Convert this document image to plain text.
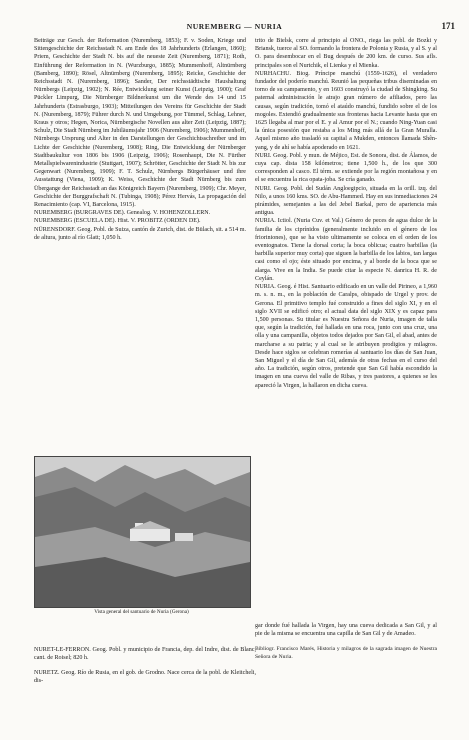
NUREMBERG — NURIA	171

Beiträge zur Gesch. der Reformation (Nuremberg, 1853); F. v. Soden, Kriege und Sittengeschichte der Reichsstadt N. am Ende des 18 Jahrhunderts (Erlangen, 1860); Priem, Geschichte der Stadt N. bis auf die neueste Zeit (Nuremberg, 1871); Roth, Einführung der Reformation in N. (Wurzburgo, 1885); Mummenhoff, Altnürnberg (Bamberg, 1890); Rösel, Altnürnberg (Nuremberg, 1895); Reicke, Geschichte der Reichsstadt N. (Nuremberg, 1896); Sander, Der reichsstädtische Haushaltung Nürnbergs (Leipzig, 1902); N. Rée, Entwicklung seiner Kunst (Leipzig, 1900); Graf Pückler Limpurg, Die Nürnberger Bildnerkunst um die Wende des 14 und 15 Jahrhunderts (Estrasburgo, 1903); Mitteilungen des Vereins für Geschichte der Stadt N. (Nuremberg, 1879); Führer durch N. und Umgebung, por Tümmel, Schlag, Lehner, Kraus y otros; Hegen, Norica, Nürnbergische Novellen aus alter Zeit (Leipzig, 1887); Schulz, Die Stadt Nürnberg im Jubiläumsjahr 1906 (Nuremberg, 1906); Mummenhoff, Nürnbergs Ursprung und Alter in den Darstellungen der Geschichtsschreiber und im Lichte der Geschichte (Nuremberg, 1908); Ring, Die Entwicklung der Nürnberger Stadtbaukultur von 1806 bis 1906 (Leipzig, 1906); Rosenhaupt, Die N. Fürther Metallspielwarenindustrie (Stuttgart, 1907); Schrötter, Geschichte der Stadt N. bis zur Gegenwart (Nuremberg, 1909); F. T. Schulz, Nürnbergs Bürgerhäuser und ihre Ausstattung (Viena, 1909); K. Weiss, Geschichte der Stadt Nürnberg bis zum Übergange der Reichsstadt an das Königreich Bayern (Nuremberg, 1909); Chr. Meyer, Geschichte der Burggrafschaft N. (Tubinga, 1908); Pérez Hervás, La propagación del Renacimiento (cap. VI, Barcelona, 1915).

NUREMBERG (BURGRAVES DE). Genealog. V. HOHENZOLLERN.

NUREMBERG (ESCUELA DE). Hist. V. PROBITZ (ORDEN DE).

NÜRENSDORF. Geog. Pobl. de Suiza, cantón de Zurich, dist. de Bülach, sit. a 514 m. de altura, junto al río Glatt; 1,050 h.

trito de Bielsk, corre al principio al ONO., riega las pobl. de Bozki y Briansk, tuerce al SO. formando la frontera de Polonia y Rusia, y al S. y al O. para desembocar en el Bug después de 200 km. de curso. Sus afls. principales son el Nurtchik, el Lienka y el Mienka.

NURHACHU. Biog. Príncipe manchú (1559-1626), el verdadero fundador del poderío manchú. Reunió las pequeñas tribus diseminadas en torno de su campamento, y en 1603 construyó la ciudad de Shingking. Su paternal administración le atrajo gran número de afiliados, pero las causas, según tradición, tomó el ataúdo manchú, fundido sobre el de los mogoles. Extendió gradualmente sus fronteras hacia Levante hasta que en 1625 llegaba al mar por el E. y al Amur por el N.; cuando Ning-Yuan casi la única posesión que restaba a los Ming más allá de la Gran Muralla. Aquel mismo año trasladó su capital a Mukden, entonces llamada Shên-yang, y de ahí se había apoderado en 1621.

NURI. Geog. Pobl. y mun. de Méjico, Est. de Sonora, dist. de Álamos, de cuya cap. dista 158 kilómetros; tiene 1,500 h., de los que 300 corresponden al casco. El térm. se extiende por la región montañosa y en el se encuentra la rica opata-joba. Se cría ganado.

NURI. Geog. Pobl. del Sudán Angloegipcio, situada en la orill. izq. del Nilo, a unos 160 kms. SO. de Abu-Hammed. Hay en sus inmediaciones 24 pirámides, semejantes a las del Jebel Barkal, pero de apariencia más antigua.

NURIA. Ictiol. (Nuria Cuv. et Val.) Género de peces de agua dulce de la familia de los ciprínidos (generalmente incluido en el género de los frioriniones), que se ha visto ultimamente se coloca en el orden de los eventognatos. Tiene la dorsal corta; la boca oblicua; cuatro barbillas (la barbilla superior muy corta) que siguen la barbilla de los labios, tan largas casi como el ojo; éste situado por encima, y al borde de la boca que se alarga. Vive en la India. Se puede citar la especie N. danrica H. R. de Ceylán.

NURIA. Geog. é Hist. Santuario edificado en un valle del Pirineo, a 1,960 m. s. n. m., en la población de Caralps, obispado de Urgel y prov. de Gerona. El primitivo templo fué construido a fines del siglo XI, y en el siglo XVII se edificó otro; el actual data del siglo XIX y es capaz para 1,500 personas. Su titular es Nuestra Señora de Nuria, imagen de talla que, según la tradición, fué hallada en una roca, junto con una cruz, una olla y una campanilla, objetos todos dejados por San Gil, el abad, antes de marcharse a su patria; y al cual se le atribuyen prodigios y milagros. Desde hace siglos se celebran romerías al santuario los días de San Juan, San Miguel y el día de San Gil, además de otras fechas en el curso del año. La tradición, según otros, pretende que San Gil había escondido la imagen en una cueva del valle de Ribas, y tres pastores, a quienes se les apareció la Virgen, la hallaron en dicha cueva.

Vista general del santuario de Nuria (Gerona)

NURET-LE-FERRON. Geog. Pobl. y municipio de Francia, dep. del Indre, dist. de Blanc, cant. de Roisel; 820 h.

NURETZ. Geog. Río de Rusia, en el gob. de Grodno. Nace cerca de la pobl. de Kleitcheli, dis-

gar donde fué hallada la Virgen, hay una cueva dedicada a San Gil, y al pie de la misma se encuentra una capilla de San Gil y de Amadeo.

Bibliogr. Francisco Marés, Historia y milagros de la sagrada imagen de Nuestra Señora de Nuria.
